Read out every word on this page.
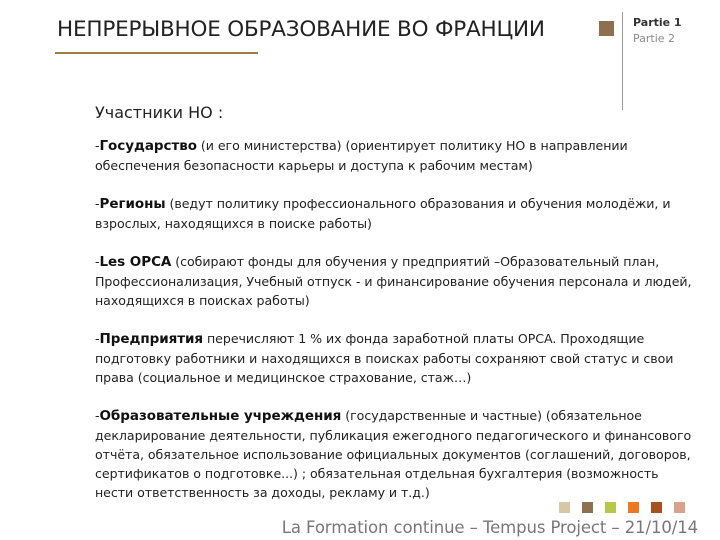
НЕПРЕРЫВНОЕ ОБРАЗОВАНИЕ ВО ФРАНЦИИ	Partie 1
Partie 2
Участники НО :

-Государство (и его министерства) (ориентирует политику НО в направлении обеспечения безопасности карьеры и доступа к рабочим местам)

-Регионы (ведут политику профессионального образования и обучения молодёжи, и взрослых, находящихся в поиске работы)

-Les OPCA (собирают фонды для обучения у предприятий –Образовательный план, Профессионализация, Учебный отпуск - и финансирование обучения персонала и людей, находящихся в поисках работы)

-Предприятия перечисляют 1 % их фонда заработной платы OPCA. Проходящие подготовку работники и находящихся в поисках работы сохраняют свой статус и свои права (социальное и медицинское страхование, стаж…)

-Образовательные учреждения (государственные и частные) (обязательное декларирование деятельности, публикация ежегодного педагогического и финансового отчёта, обязательное использование официальных документов (соглашений, договоров, сертификатов о подготовке...) ; обязательная отдельная бухгалтерия (возможность нести ответственность за доходы, рекламу и т.д.)

La Formation continue – Tempus Project – 21/10/14
